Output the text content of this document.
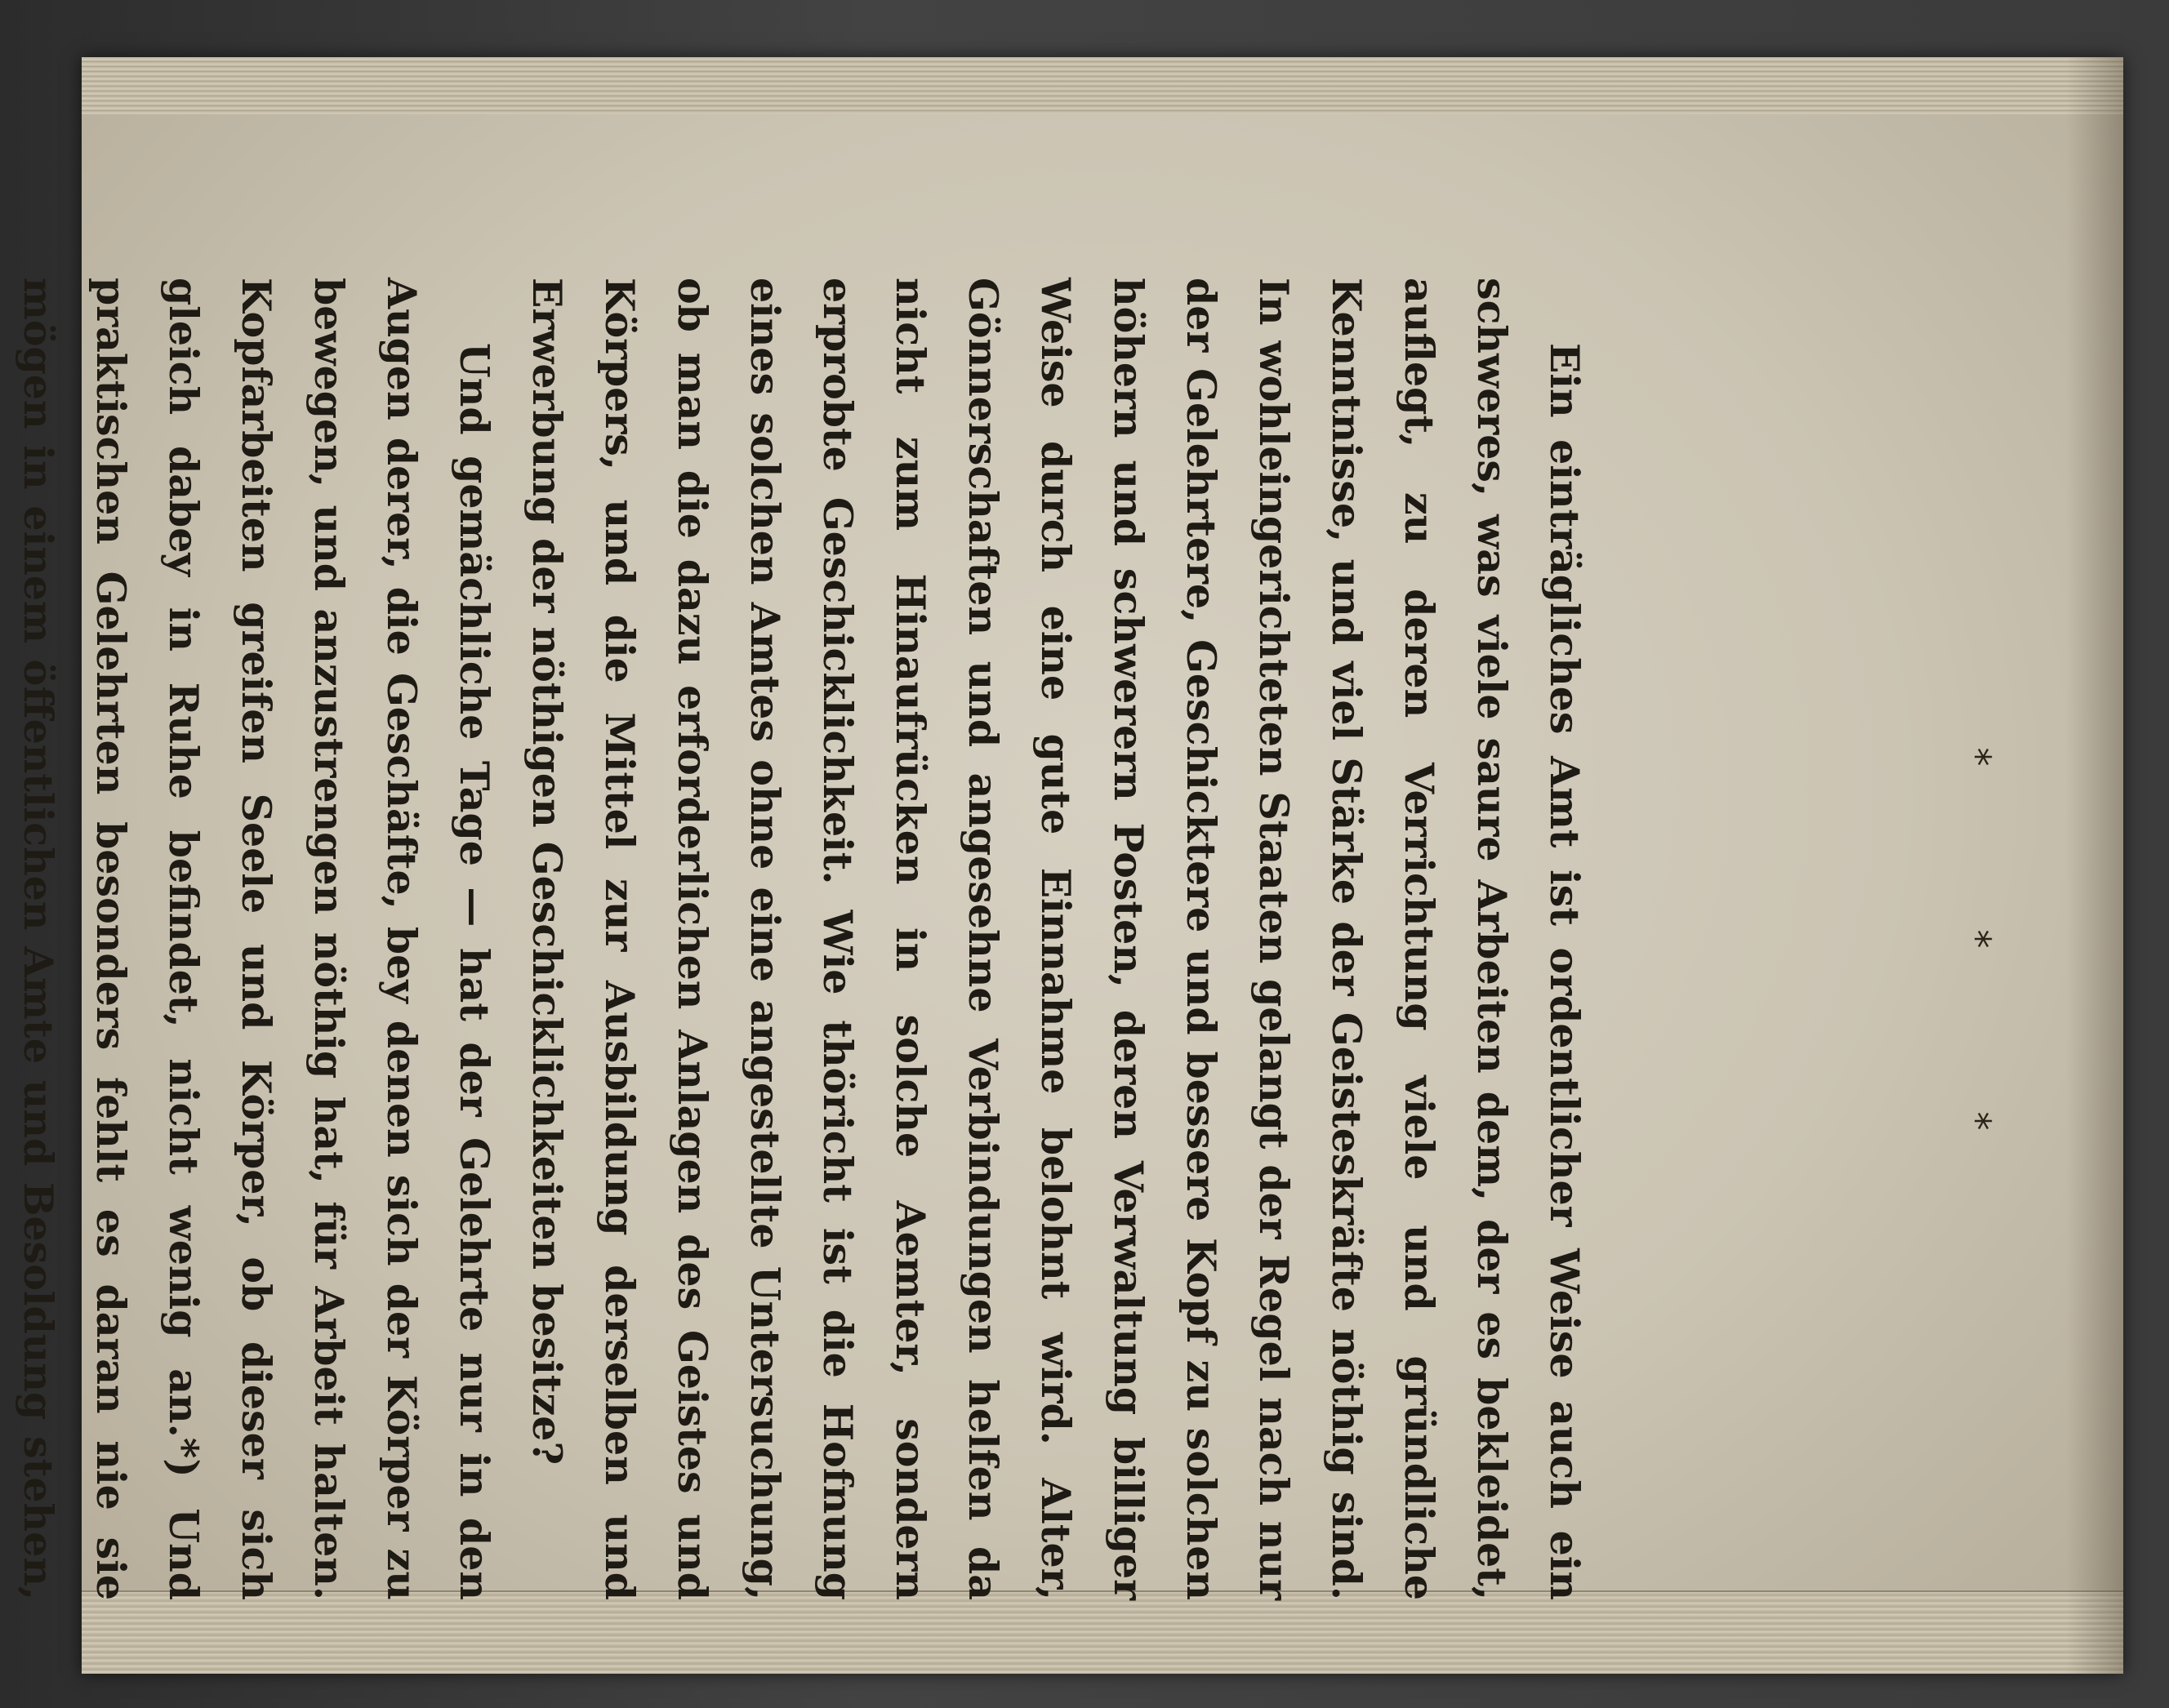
*
*
*

Ein einträgliches Amt ist ordentlicher Weise auch ein schweres, was viele saure Arbeiten dem, der es bekleidet, auflegt, zu deren Verrichtung viele und gründliche Kenntnisse, und viel Stärke der Geisteskräfte nöthig sind. In wohleingerichteten Staaten gelangt der Regel nach nur der Gelehrtere, Geschicktere und bessere Kopf zu solchen höhern und schwerern Posten, deren Verwaltung billiger Weise durch eine gute Einnahme belohnt wird. Alter, Gönnerschaften und angesehne Verbindungen helfen da nicht zum Hinaufrücken in solche Aemter, sondern erprobte Geschicklichkeit. Wie thöricht ist die Hofnung eines solchen Amtes ohne eine angestellte Untersuchung, ob man die dazu erforderlichen Anlagen des Geistes und Körpers, und die Mittel zur Ausbildung derselben und Erwerbung der nöthigen Geschicklichkeiten besitze?

Und gemächliche Tage — hat der Gelehrte nur in den Augen derer, die Geschäfte, bey denen sich der Körper zu bewegen, und anzustrengen nöthig hat, für Arbeit halten. Kopfarbeiten greifen Seele und Körper, ob dieser sich gleich dabey in Ruhe befindet, nicht wenig an.*) Und praktischen Gelehrten besonders fehlt es daran nie sie mögen in einem öffentlichen Amte und Besoldung stehen,
